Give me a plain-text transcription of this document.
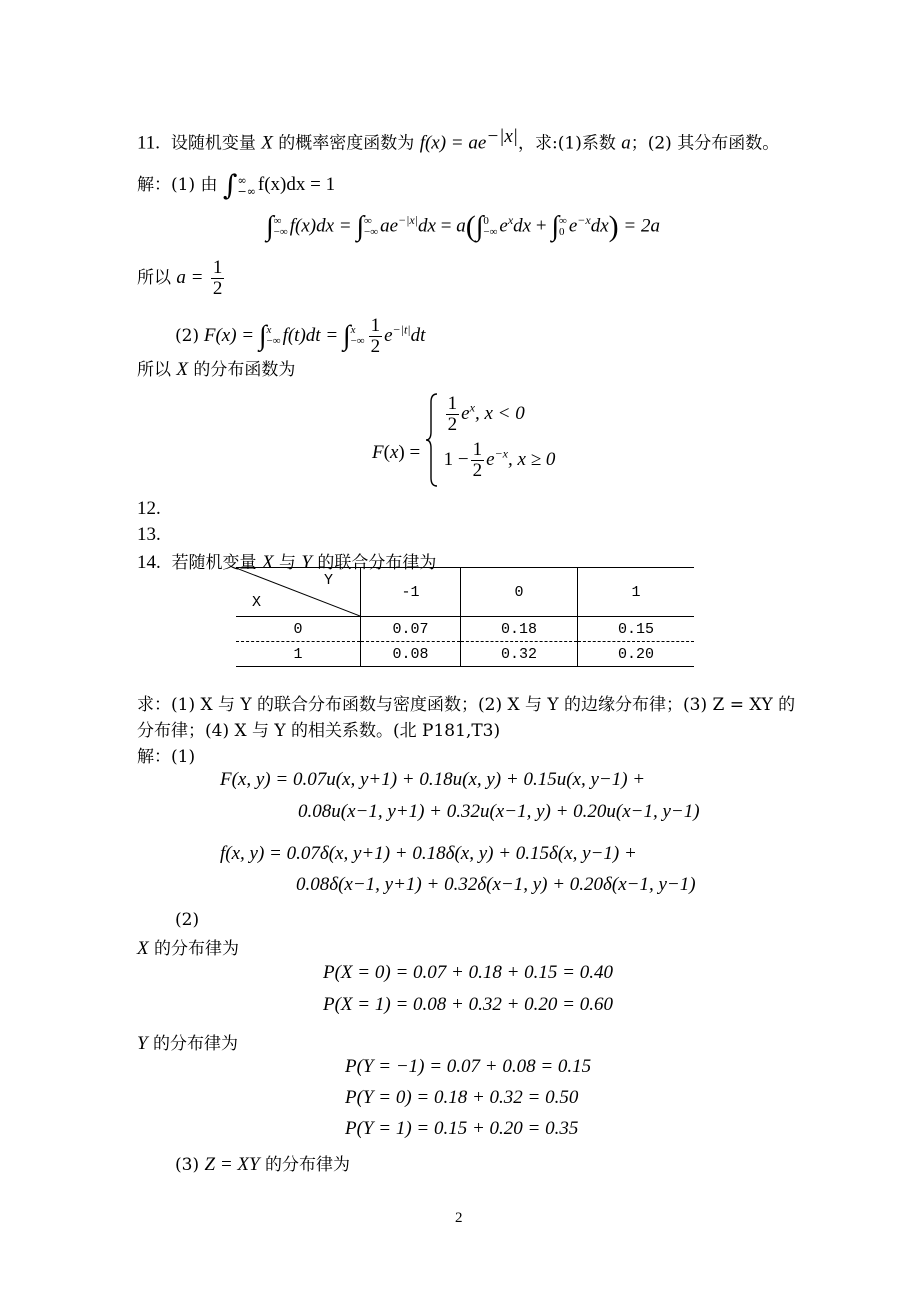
11. 设随机变量 X 的概率密度函数为 $f(x) = ae^{-|x|}$，求:(1)系数 a；(2) 其分布函数。
解：(1) 由 ∫ ∞
−∞ f(x)dx = 1
∫ ∞
−∞ f(x)dx = ∫ ∞
−∞ $ae^{-|x|}dx = a(\int$ 0
−∞ $e^xdx$ + ∫ ∞
0 $e^{-x}dx) = 2a$
所以 $a = \frac{1}{2}$
(2) F(x) = ∫ x
−∞ f(t)dt = ∫ x
−∞ $\frac{1}{2} e^{-|t|}dt$
所以 X 的分布函数为
F(x) =
$\frac{1}{2} e^x$, x < 0
$1 - \frac{1}{2} e^{-x}$, x ≥ 0
12.
13.
14. 若随机变量 X 与 Y 的联合分布律为
Y
X	-1	0	1
0	0.07	0.18	0.15
1	0.08	0.32	0.20
求：(1) X 与 Y 的联合分布函数与密度函数；(2) X 与 Y 的边缘分布律；(3) Z = XY 的
分布律；(4) X 与 Y 的相关系数。(北 P181,T3)
解：(1)
F(x, y) = 0.07u(x, y+1) + 0.18u(x, y) + 0.15u(x, y−1) +
0.08u(x−1, y+1) + 0.32u(x−1, y) + 0.20u(x−1, y−1)
f(x, y) = 0.07δ(x, y+1) + 0.18δ(x, y) + 0.15δ(x, y−1) +
0.08δ(x−1, y+1) + 0.32δ(x−1, y) + 0.20δ(x−1, y−1)
(2)
X 的分布律为
P(X = 0) = 0.07 + 0.18 + 0.15 = 0.40
P(X = 1) = 0.08 + 0.32 + 0.20 = 0.60
Y 的分布律为
P(Y = −1) = 0.07 + 0.08 = 0.15
P(Y = 0) = 0.18 + 0.32 = 0.50
P(Y = 1) = 0.15 + 0.20 = 0.35
(3) Z = XY 的分布律为
2
